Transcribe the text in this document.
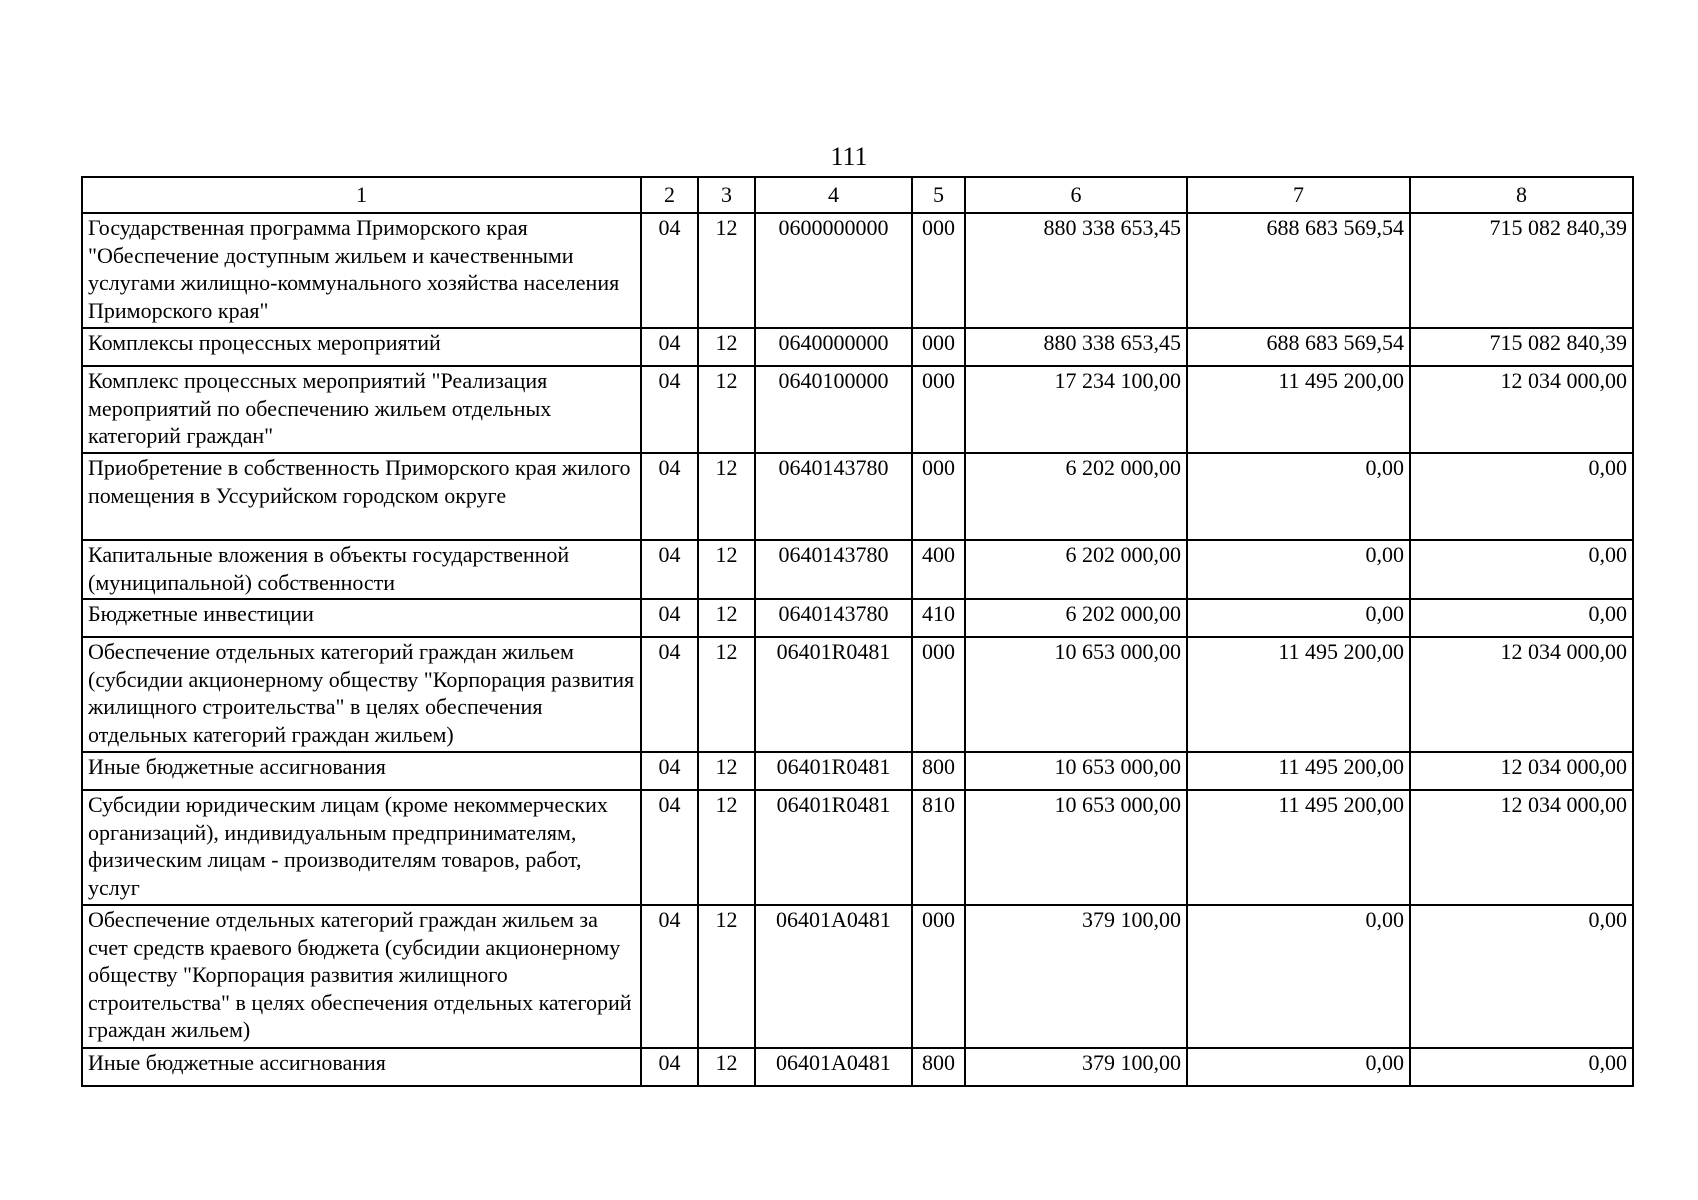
111
1	2	3	4	5	6	7	8
Государственная программа Приморского края "Обеспечение доступным жильем и качественными услугами жилищно-коммунального хозяйства населения Приморского края"	04	12	0600000000	000	880 338 653,45	688 683 569,54	715 082 840,39
Комплексы процессных мероприятий	04	12	0640000000	000	880 338 653,45	688 683 569,54	715 082 840,39
Комплекс процессных мероприятий "Реализация мероприятий по обеспечению жильем отдельных категорий граждан"	04	12	0640100000	000	17 234 100,00	11 495 200,00	12 034 000,00
Приобретение в собственность Приморского края жилого помещения в Уссурийском городском округе	04	12	0640143780	000	6 202 000,00	0,00	0,00
Капитальные вложения в объекты государственной (муниципальной) собственности	04	12	0640143780	400	6 202 000,00	0,00	0,00
Бюджетные инвестиции	04	12	0640143780	410	6 202 000,00	0,00	0,00
Обеспечение отдельных категорий граждан жильем (субсидии акционерному обществу "Корпорация развития жилищного строительства" в целях обеспечения отдельных категорий граждан жильем)	04	12	06401R0481	000	10 653 000,00	11 495 200,00	12 034 000,00
Иные бюджетные ассигнования	04	12	06401R0481	800	10 653 000,00	11 495 200,00	12 034 000,00
Субсидии юридическим лицам (кроме некоммерческих организаций), индивидуальным предпринимателям, физическим лицам - производителям товаров, работ, услуг	04	12	06401R0481	810	10 653 000,00	11 495 200,00	12 034 000,00
Обеспечение отдельных категорий граждан жильем за счет средств краевого бюджета (субсидии акционерному обществу "Корпорация развития жилищного строительства" в целях обеспечения отдельных категорий граждан жильем)	04	12	06401A0481	000	379 100,00	0,00	0,00
Иные бюджетные ассигнования	04	12	06401A0481	800	379 100,00	0,00	0,00
